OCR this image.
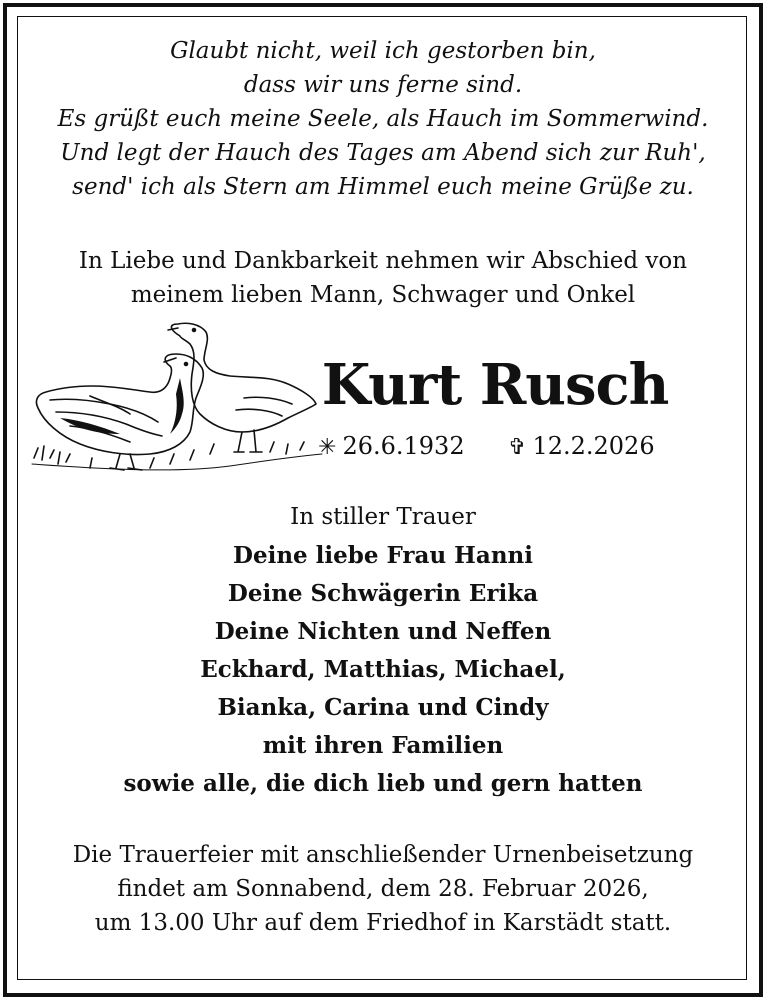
Glaubt nicht, weil ich gestorben bin,
dass wir uns ferne sind.
Es grüßt euch meine Seele, als Hauch im Sommerwind.
Und legt der Hauch des Tages am Abend sich zur Ruh',
send' ich als Stern am Himmel euch meine Grüße zu.
In Liebe und Dankbarkeit nehmen wir Abschied von
meinem lieben Mann, Schwager und Onkel
Kurt Rusch
✳ 26.6.1932 ✞ 12.2.2026
In stiller Trauer
Deine liebe Frau Hanni
Deine Schwägerin Erika
Deine Nichten und Neffen
Eckhard, Matthias, Michael,
Bianka, Carina und Cindy
mit ihren Familien
sowie alle, die dich lieb und gern hatten
Die Trauerfeier mit anschließender Urnenbeisetzung
findet am Sonnabend, dem 28. Februar 2026,
um 13.00 Uhr auf dem Friedhof in Karstädt statt.
